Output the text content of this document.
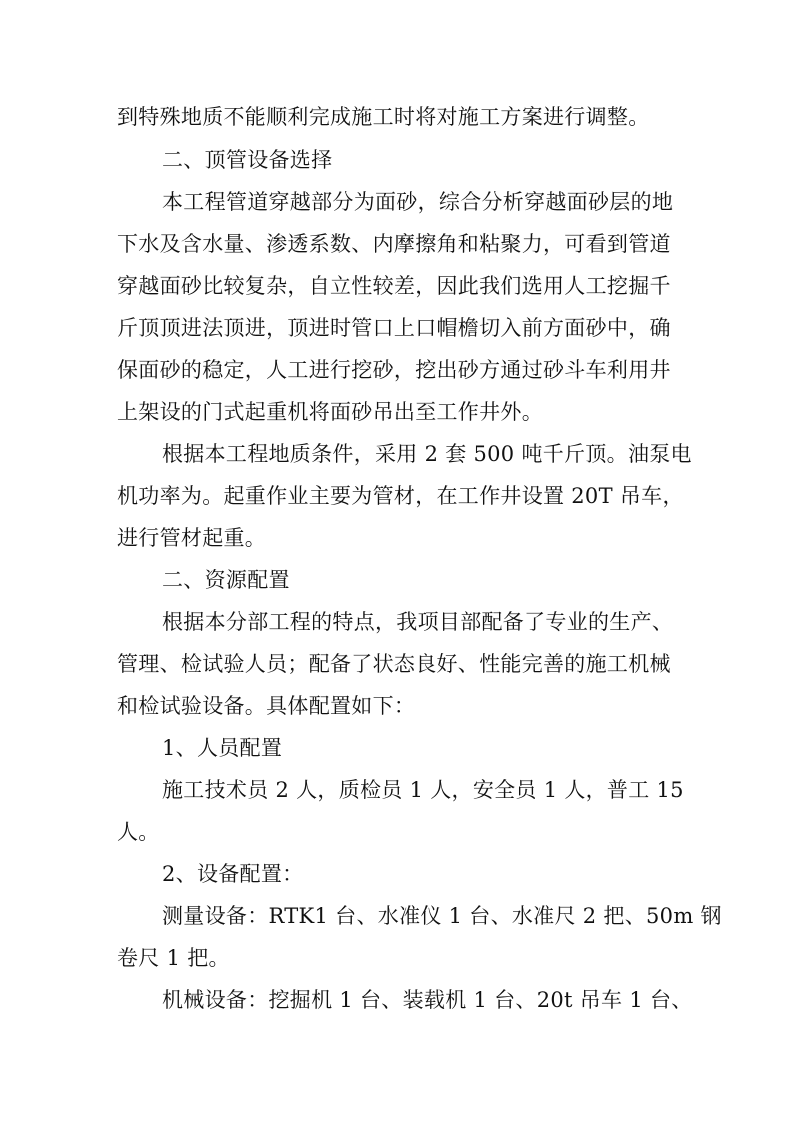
到特殊地质不能顺利完成施工时将对施工方案进行调整。
二、顶管设备选择
本工程管道穿越部分为面砂，综合分析穿越面砂层的地
下水及含水量、渗透系数、内摩擦角和粘聚力，可看到管道
穿越面砂比较复杂，自立性较差，因此我们选用人工挖掘千
斤顶顶进法顶进，顶进时管口上口帽檐切入前方面砂中，确
保面砂的稳定，人工进行挖砂，挖出砂方通过砂斗车利用井
上架设的门式起重机将面砂吊出至工作井外。
根据本工程地质条件，采用 2 套 500 吨千斤顶。油泵电
机功率为。起重作业主要为管材，在工作井设置 20T 吊车，
进行管材起重。
二、资源配置
根据本分部工程的特点，我项目部配备了专业的生产、
管理、检试验人员；配备了状态良好、性能完善的施工机械
和检试验设备。具体配置如下：
1、人员配置
施工技术员 2 人，质检员 1 人，安全员 1 人，普工 15
人。
2、设备配置：
测量设备：RTK1 台、水准仪 1 台、水准尺 2 把、50m 钢
卷尺 1 把。
机械设备：挖掘机 1 台、装载机 1 台、20t 吊车 1 台、
